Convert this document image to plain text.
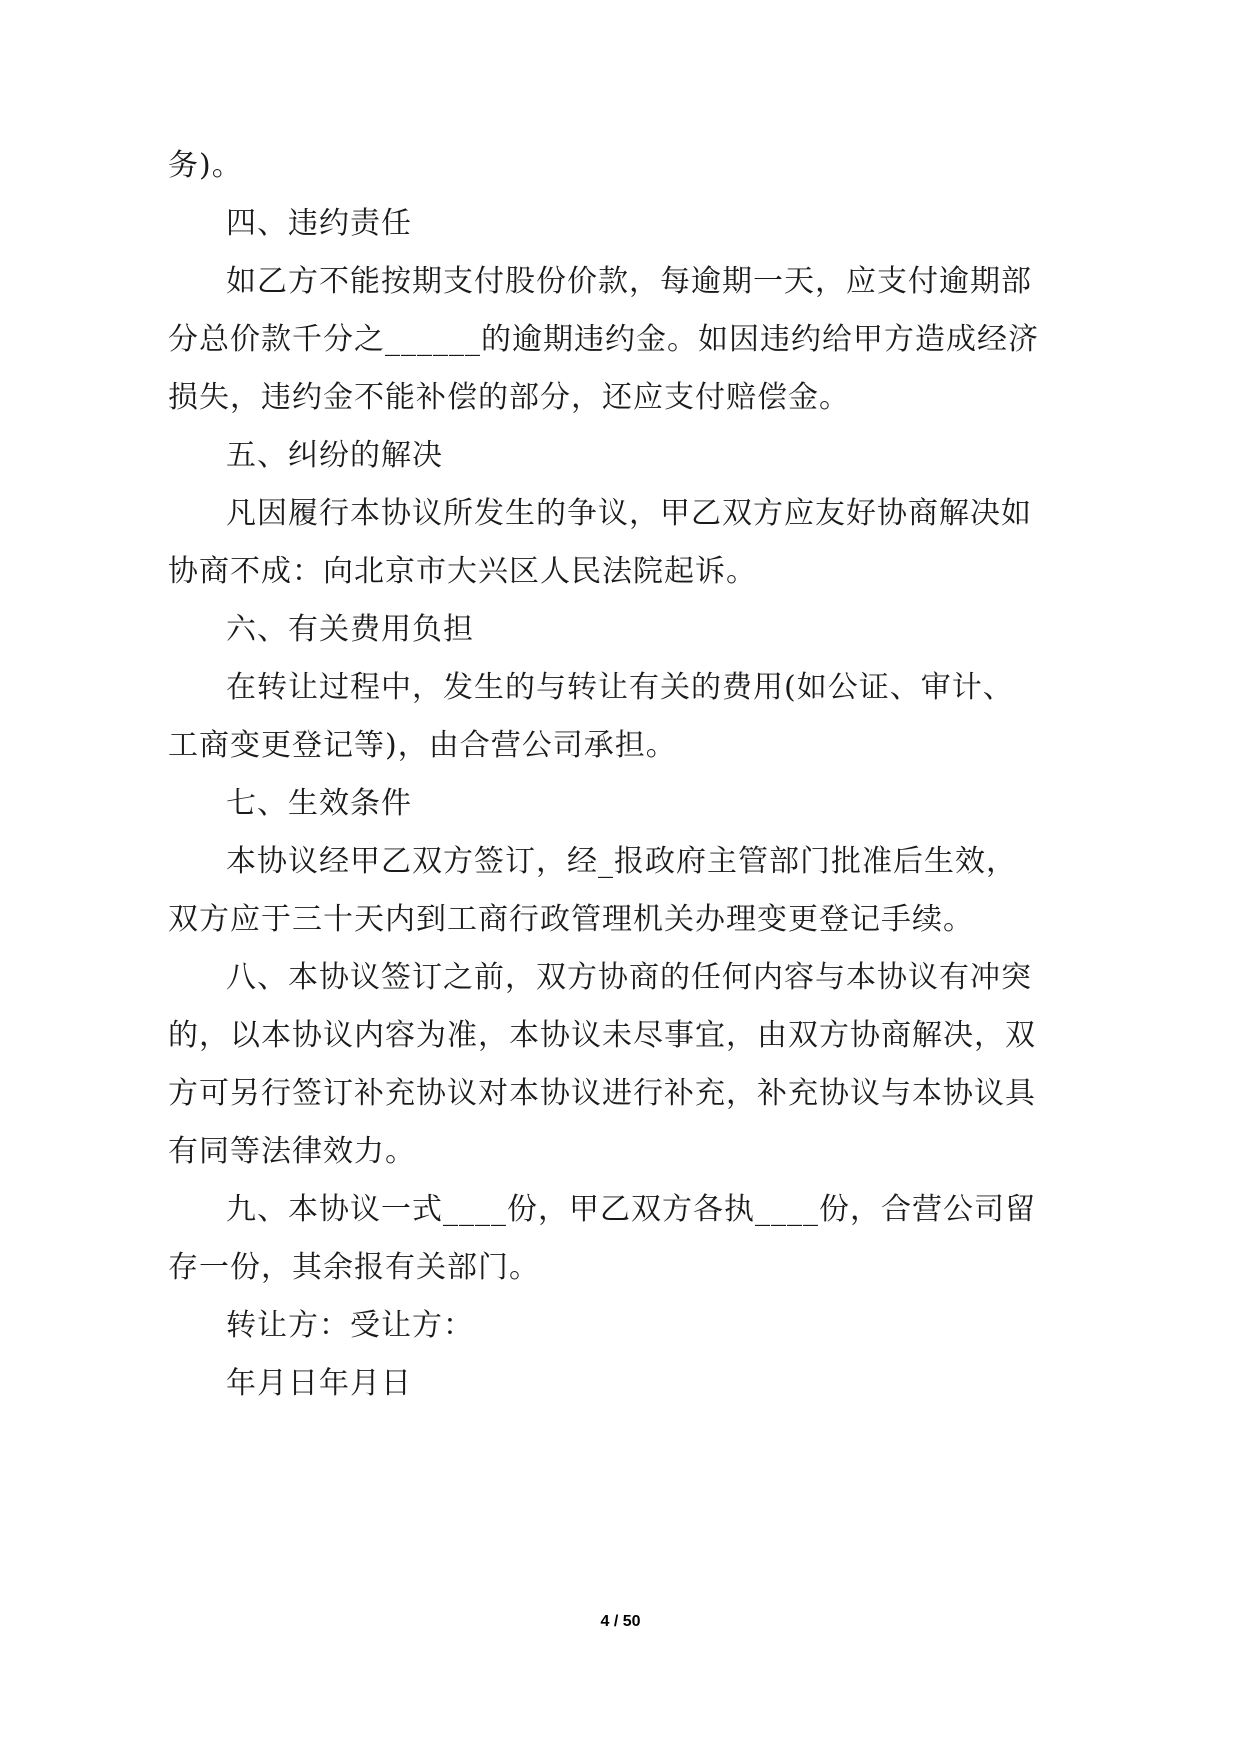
务)。
四、违约责任
如乙方不能按期支付股份价款，每逾期一天，应支付逾期部
分总价款千分之______的逾期违约金。如因违约给甲方造成经济
损失，违约金不能补偿的部分，还应支付赔偿金。
五、纠纷的解决
凡因履行本协议所发生的争议，甲乙双方应友好协商解决如
协商不成：向北京市大兴区人民法院起诉。
六、有关费用负担
在转让过程中，发生的与转让有关的费用(如公证、审计、
工商变更登记等)，由合营公司承担。
七、生效条件
本协议经甲乙双方签订，经_报政府主管部门批准后生效，
双方应于三十天内到工商行政管理机关办理变更登记手续。
八、本协议签订之前，双方协商的任何内容与本协议有冲突
的，以本协议内容为准，本协议未尽事宜，由双方协商解决，双
方可另行签订补充协议对本协议进行补充，补充协议与本协议具
有同等法律效力。
九、本协议一式____份，甲乙双方各执____份，合营公司留
存一份，其余报有关部门。
转让方：受让方：
年月日年月日
4 / 50
